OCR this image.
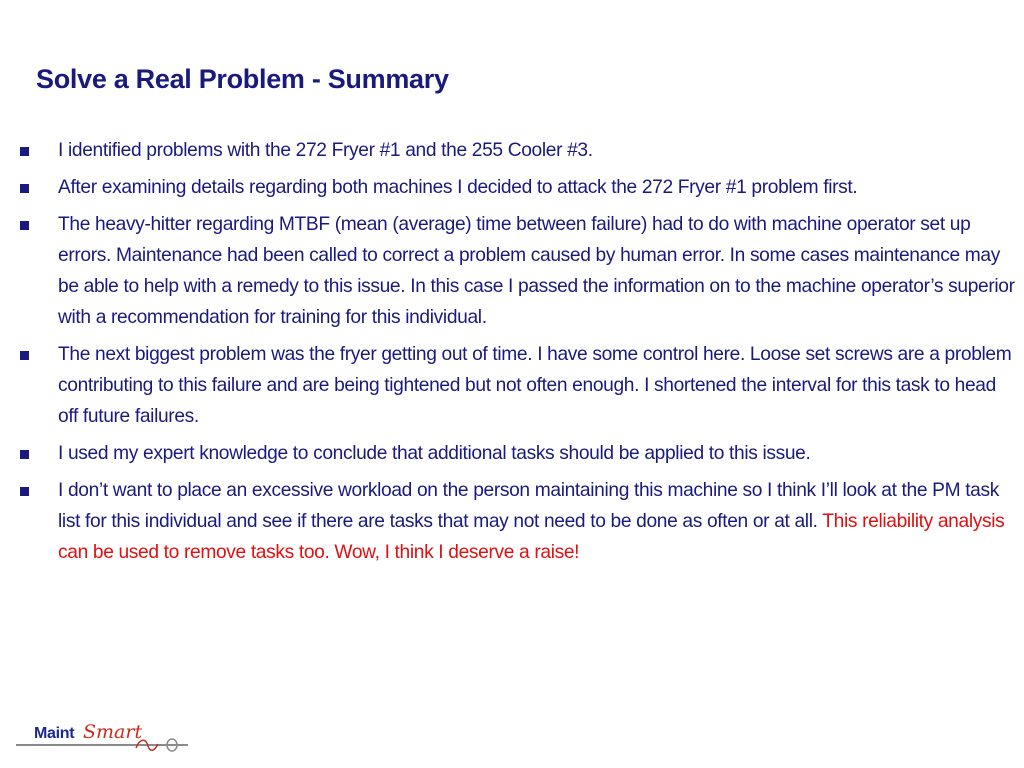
Solve a Real Problem - Summary
I identified problems with the 272 Fryer #1 and the 255 Cooler #3.
After examining details regarding both machines I decided to attack the 272 Fryer #1 problem first.
The heavy-hitter regarding MTBF (mean (average) time between failure) had to do with machine operator set up errors. Maintenance had been called to correct a problem caused by human error. In some cases maintenance may be able to help with a remedy to this issue. In this case I passed the information on to the machine operator’s superior with a recommendation for training for this individual.
The next biggest problem was the fryer getting out of time. I have some control here. Loose set screws are a problem contributing to this failure and are being tightened but not often enough. I shortened the interval for this task to head off future failures.
I used my expert knowledge to conclude that additional tasks should be applied to this issue.
I don’t want to place an excessive workload on the person maintaining this machine so I think I’ll look at the PM task list for this individual and see if there are tasks that may not need to be done as often or at all. This reliability analysis can be used to remove tasks too. Wow, I think I deserve a raise!
Maint Smart
